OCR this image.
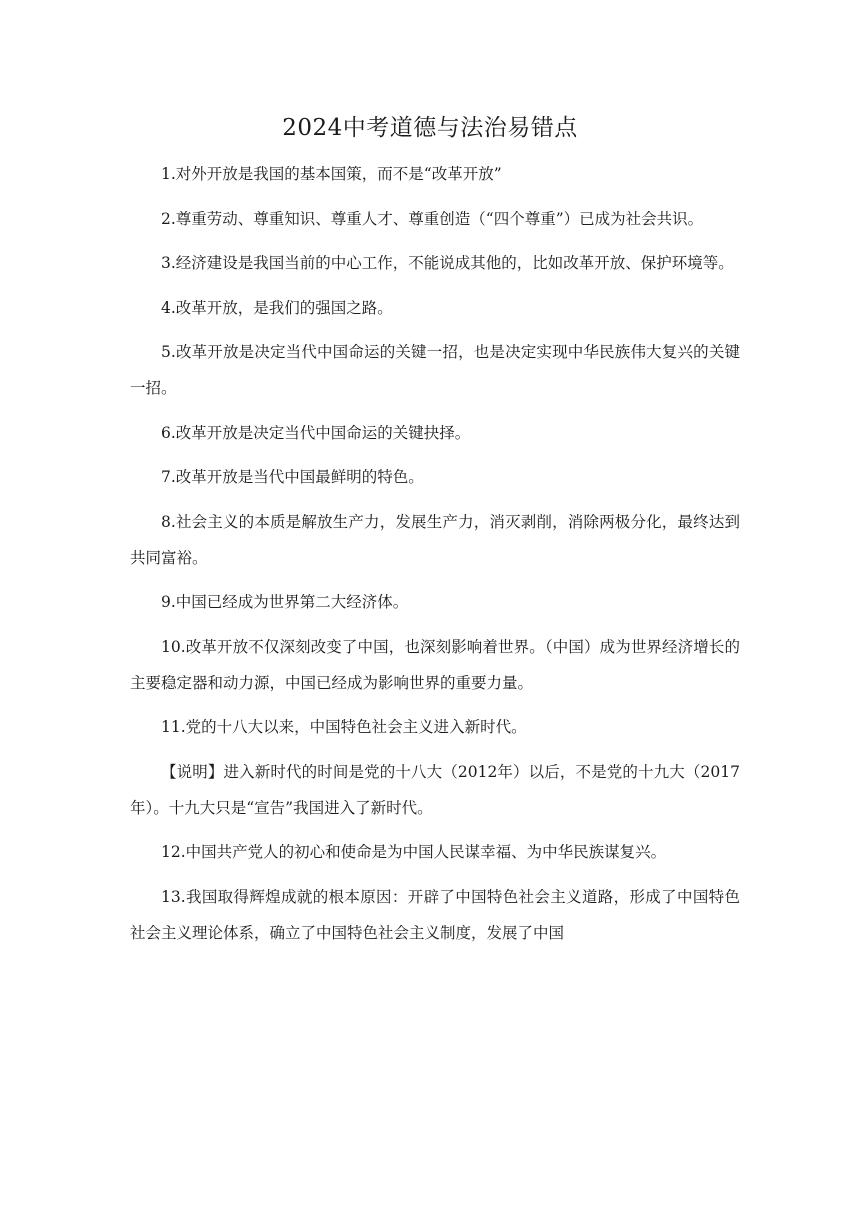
2024中考道德与法治易错点

1.对外开放是我国的基本国策，而不是“改革开放”

2.尊重劳动、尊重知识、尊重人才、尊重创造（“四个尊重”）已成为社会共识。

3.经济建设是我国当前的中心工作，不能说成其他的，比如改革开放、保护环境等。

4.改革开放，是我们的强国之路。

5.改革开放是决定当代中国命运的关键一招，也是决定实现中华民族伟大复兴的关键一招。

6.改革开放是决定当代中国命运的关键抉择。

7.改革开放是当代中国最鲜明的特色。

8.社会主义的本质是解放生产力，发展生产力，消灭剥削，消除两极分化，最终达到共同富裕。

9.中国已经成为世界第二大经济体。

10.改革开放不仅深刻改变了中国，也深刻影响着世界。（中国）成为世界经济增长的主要稳定器和动力源，中国已经成为影响世界的重要力量。

11.党的十八大以来，中国特色社会主义进入新时代。

【说明】进入新时代的时间是党的十八大（2012年）以后，不是党的十九大（2017年）。十九大只是“宣告”我国进入了新时代。

12.中国共产党人的初心和使命是为中国人民谋幸福、为中华民族谋复兴。

13.我国取得辉煌成就的根本原因：开辟了中国特色社会主义道路，形成了中国特色社会主义理论体系，确立了中国特色社会主义制度，发展了中国
